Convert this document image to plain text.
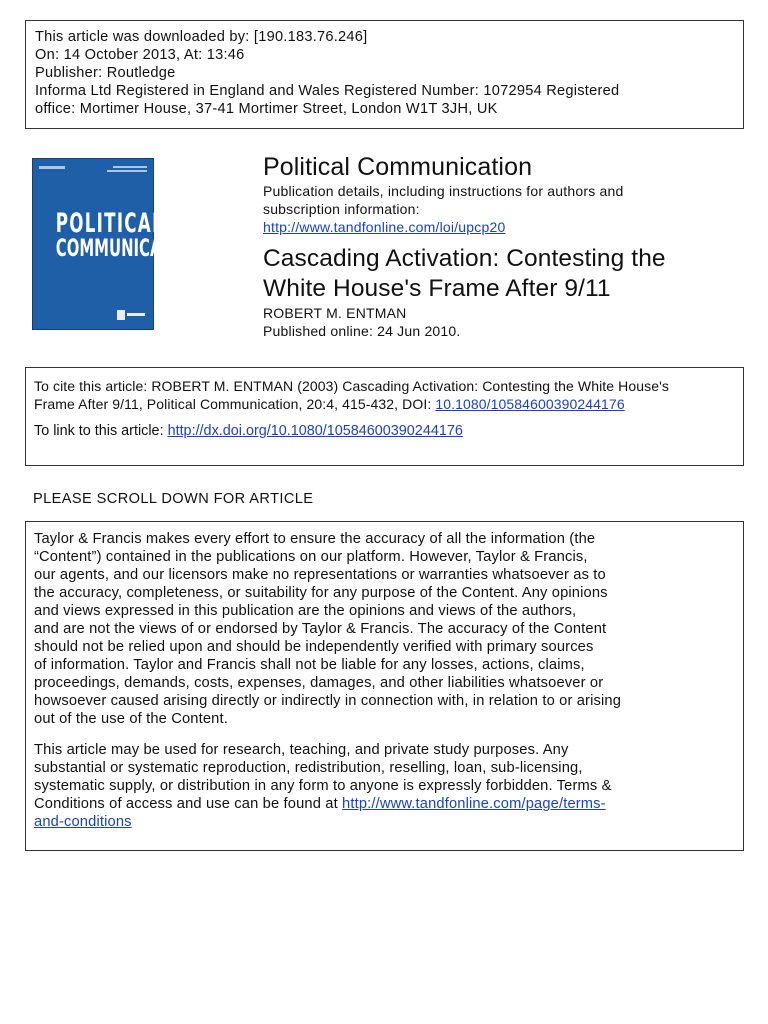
This article was downloaded by: [190.183.76.246]
On: 14 October 2013, At: 13:46
Publisher: Routledge
Informa Ltd Registered in England and Wales Registered Number: 1072954 Registered
office: Mortimer House, 37-41 Mortimer Street, London W1T 3JH, UK
POLITICAL
COMMUNICATION
Political Communication
Publication details, including instructions for authors and
subscription information:
http://www.tandfonline.com/loi/upcp20
Cascading Activation: Contesting the
White House's Frame After 9/11
ROBERT M. ENTMAN
Published online: 24 Jun 2010.
To cite this article: ROBERT M. ENTMAN (2003) Cascading Activation: Contesting the White House's
Frame After 9/11, Political Communication, 20:4, 415-432, DOI: 10.1080/10584600390244176
To link to this article: http://dx.doi.org/10.1080/10584600390244176
PLEASE SCROLL DOWN FOR ARTICLE

Taylor & Francis makes every effort to ensure the accuracy of all the information (the
“Content”) contained in the publications on our platform. However, Taylor & Francis,
our agents, and our licensors make no representations or warranties whatsoever as to
the accuracy, completeness, or suitability for any purpose of the Content. Any opinions
and views expressed in this publication are the opinions and views of the authors,
and are not the views of or endorsed by Taylor & Francis. The accuracy of the Content
should not be relied upon and should be independently verified with primary sources
of information. Taylor and Francis shall not be liable for any losses, actions, claims,
proceedings, demands, costs, expenses, damages, and other liabilities whatsoever or
howsoever caused arising directly or indirectly in connection with, in relation to or arising
out of the use of the Content.

This article may be used for research, teaching, and private study purposes. Any
substantial or systematic reproduction, redistribution, reselling, loan, sub-licensing,
systematic supply, or distribution in any form to anyone is expressly forbidden. Terms &
Conditions of access and use can be found at http://www.tandfonline.com/page/terms-
and-conditions
